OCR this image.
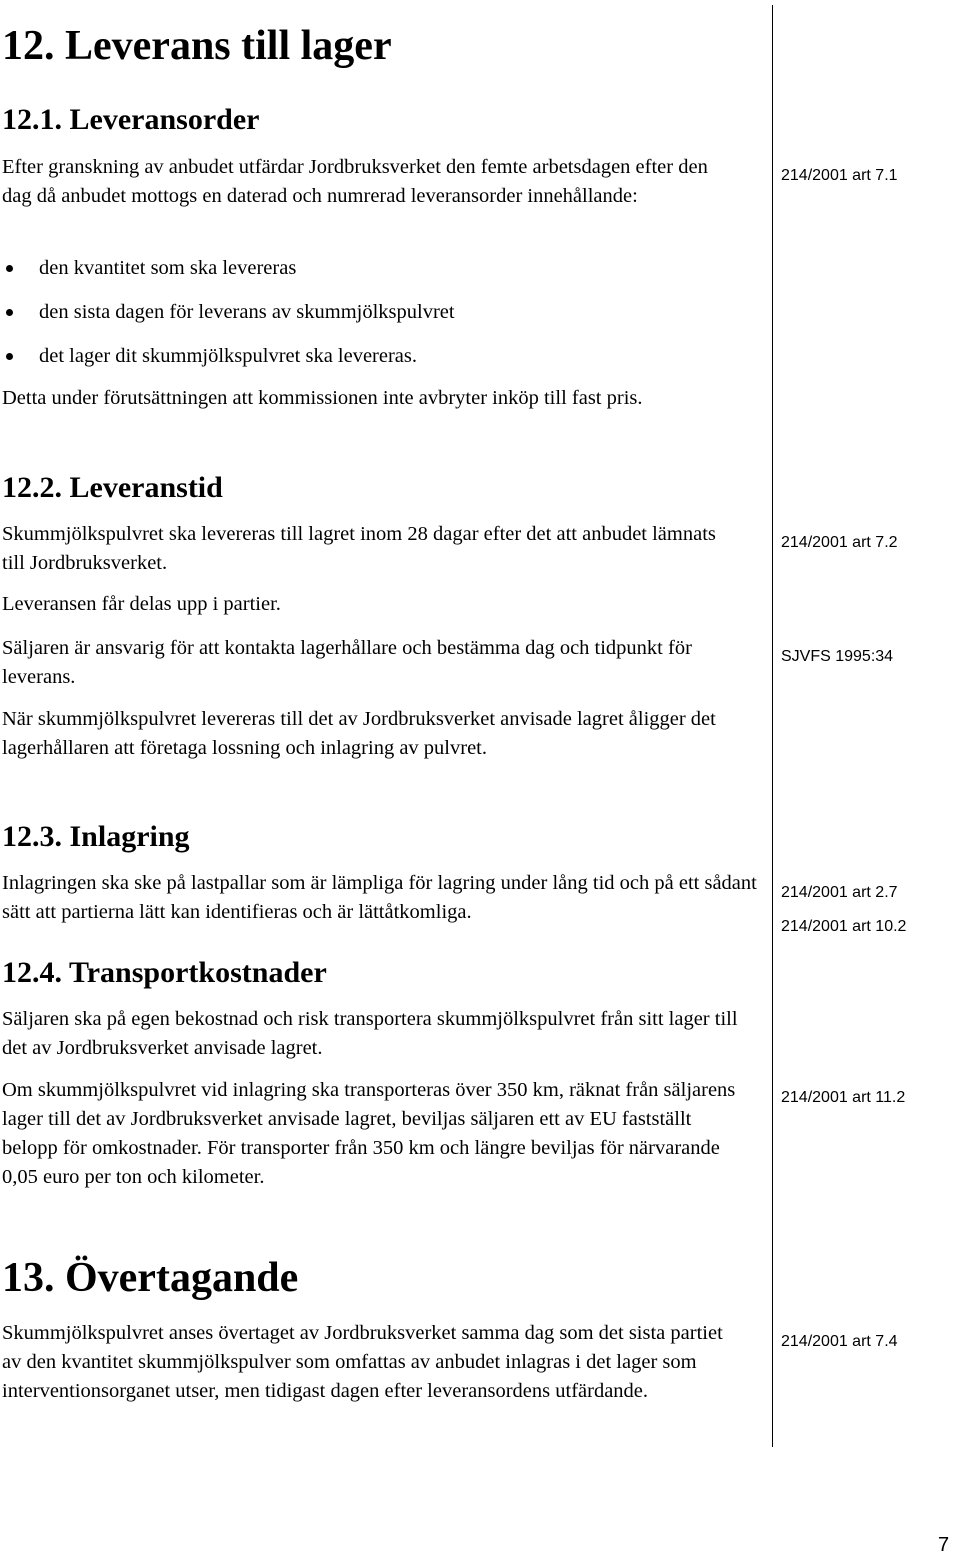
12. Leverans till lager
12.1. Leveransorder

Efter granskning av anbudet utfärdar Jordbruksverket den femte arbetsdagen efter den dag då anbudet mottogs en daterad och numrerad leveransorder innehållande:

214/2001 art 7.1
den kvantitet som ska levereras
den sista dagen för leverans av skummjölkspulvret
det lager dit skummjölkspulvret ska levereras.

Detta under förutsättningen att kommissionen inte avbryter inköp till fast pris.

12.2. Leveranstid

Skummjölkspulvret ska levereras till lagret inom 28 dagar efter det att anbudet lämnats till Jordbruksverket.

214/2001 art 7.2

Leveransen får delas upp i partier.

Säljaren är ansvarig för att kontakta lagerhållare och bestämma dag och tidpunkt för leverans.

SJVFS 1995:34

När skummjölkspulvret levereras till det av Jordbruksverket anvisade lagret åligger det lagerhållaren att företaga lossning och inlagring av pulvret.

12.3. Inlagring

Inlagringen ska ske på lastpallar som är lämpliga för lagring under lång tid och på ett sådant sätt att partierna lätt kan identifieras och är lättåtkomliga.

214/2001 art 2.7
214/2001 art 10.2
12.4. Transportkostnader

Säljaren ska på egen bekostnad och risk transportera skummjölkspulvret från sitt lager till det av Jordbruksverket anvisade lagret.

Om skummjölkspulvret vid inlagring ska transporteras över 350 km, räknat från säljarens lager till det av Jordbruksverket anvisade lagret, beviljas säljaren ett av EU fastställt belopp för omkostnader. För transporter från 350 km och längre beviljas för närvarande 0,05 euro per ton och kilometer.

214/2001 art 11.2
13. Övertagande

Skummjölkspulvret anses övertaget av Jordbruksverket samma dag som det sista partiet av den kvantitet skummjölkspulver som omfattas av anbudet inlagras i det lager som interventionsorganet utser, men tidigast dagen efter leveransordens utfärdande.

214/2001 art 7.4
7
